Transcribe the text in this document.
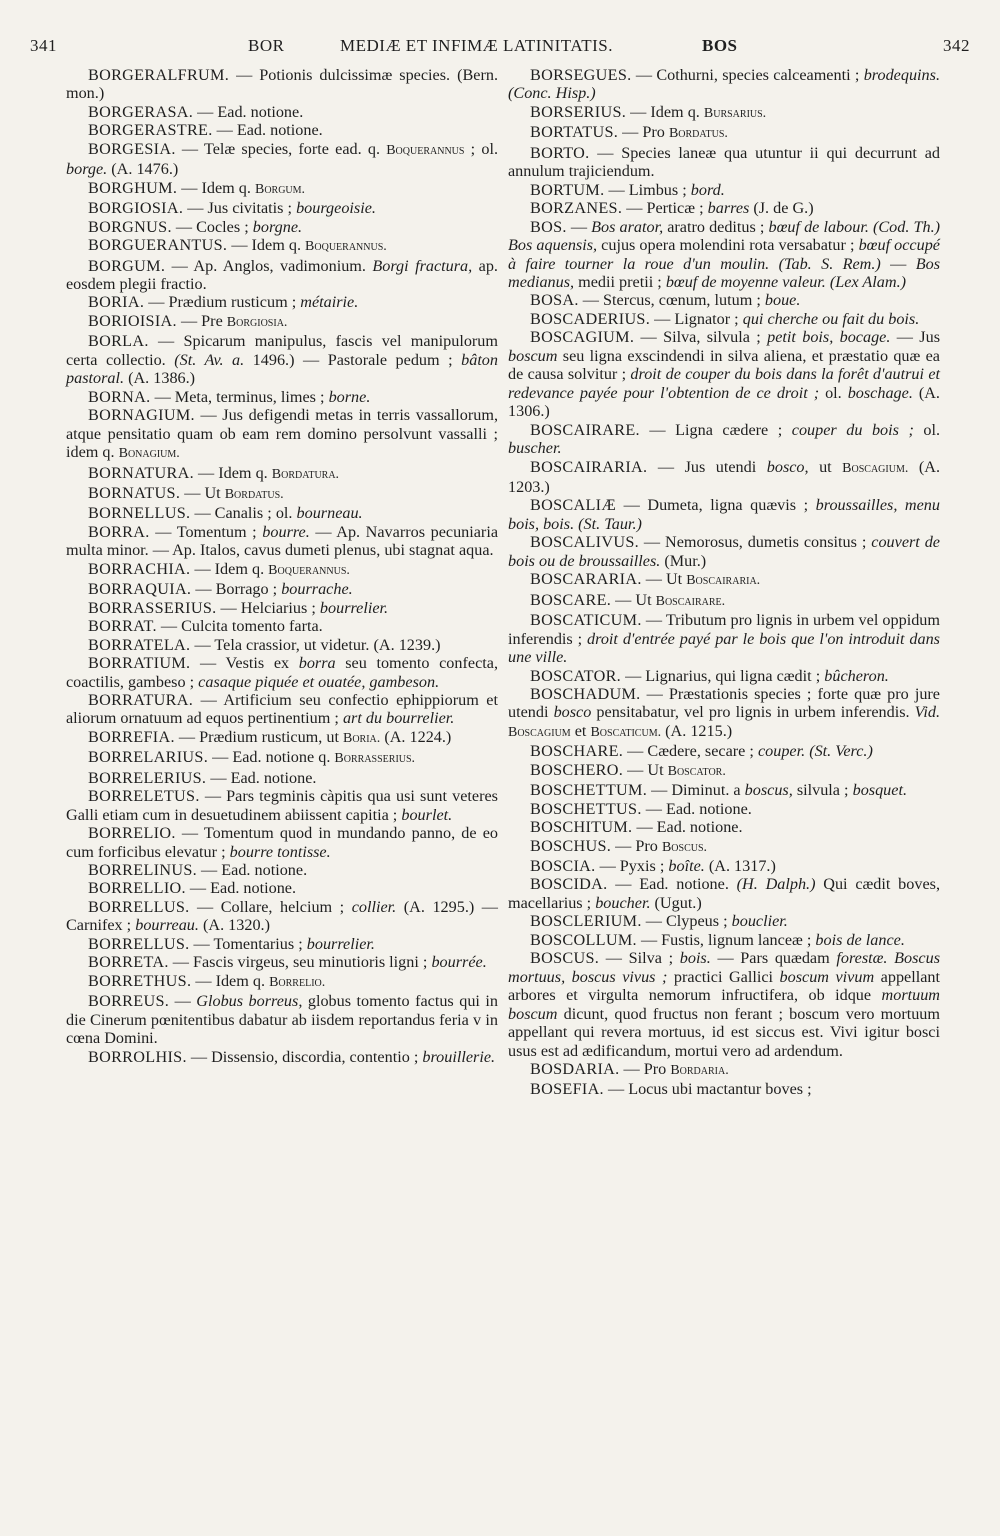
341	BOR	MEDIÆ ET INFIMÆ LATINITATIS.	BOS	342

BORGERALFRUM. — Potionis dulcissimæ species. (Bern. mon.)

BORGERASA. — Ead. notione.

BORGERASTRE. — Ead. notione.

BORGESIA. — Telæ species, forte ead. q. Boquerannus ; ol. borge. (A. 1476.)

BORGHUM. — Idem q. Borgum.

BORGIOSIA. — Jus civitatis ; bourgeoisie.

BORGNUS. — Cocles ; borgne.

BORGUERANTUS. — Idem q. Boquerannus.

BORGUM. — Ap. Anglos, vadimonium. Borgi fractura, ap. eosdem plegii fractio.

BORIA. — Prædium rusticum ; métairie.

BORIOISIA. — Pre Borgiosia.

BORLA. — Spicarum manipulus, fascis vel manipulorum certa collectio. (St. Av. a. 1496.) — Pastorale pedum ; bâton pastoral. (A. 1386.)

BORNA. — Meta, terminus, limes ; borne.

BORNAGIUM. — Jus defigendi metas in terris vassallorum, atque pensitatio quam ob eam rem domino persolvunt vassalli ; idem q. Bonagium.

BORNATURA. — Idem q. Bordatura.

BORNATUS. — Ut Bordatus.

BORNELLUS. — Canalis ; ol. bourneau.

BORRA. — Tomentum ; bourre. — Ap. Navarros pecuniaria multa minor. — Ap. Italos, cavus dumeti plenus, ubi stagnat aqua.

BORRACHIA. — Idem q. Boquerannus.

BORRAQUIA. — Borrago ; bourrache.

BORRASSERIUS. — Helciarius ; bourrelier.

BORRAT. — Culcita tomento farta.

BORRATELA. — Tela crassior, ut videtur. (A. 1239.)

BORRATIUM. — Vestis ex borra seu tomento confecta, coactilis, gambeso ; casaque piquée et ouatée, gambeson.

BORRATURA. — Artificium seu confectio ephippiorum et aliorum ornatuum ad equos pertinentium ; art du bourrelier.

BORREFIA. — Prædium rusticum, ut Boria. (A. 1224.)

BORRELARIUS. — Ead. notione q. Borrasserius.

BORRELERIUS. — Ead. notione.

BORRELETUS. — Pars tegminis càpitis qua usi sunt veteres Galli etiam cum in desuetudinem abiissent capitia ; bourlet.

BORRELIO. — Tomentum quod in mundando panno, de eo cum forficibus elevatur ; bourre tontisse.

BORRELINUS. — Ead. notione.

BORRELLIO. — Ead. notione.

BORRELLUS. — Collare, helcium ; collier. (A. 1295.) — Carnifex ; bourreau. (A. 1320.)

BORRELLUS. — Tomentarius ; bourrelier.

BORRETA. — Fascis virgeus, seu minutioris ligni ; bourrée.

BORRETHUS. — Idem q. Borrelio.

BORREUS. — Globus borreus, globus tomento factus qui in die Cinerum pœnitentibus dabatur ab iisdem reportandus feria v in cœna Domini.

BORROLHIS. — Dissensio, discordia, contentio ; brouillerie.

BORSEGUES. — Cothurni, species calceamenti ; brodequins. (Conc. Hisp.)

BORSERIUS. — Idem q. Bursarius.

BORTATUS. — Pro Bordatus.

BORTO. — Species laneæ qua utuntur ii qui decurrunt ad annulum trajiciendum.

BORTUM. — Limbus ; bord.

BORZANES. — Perticæ ; barres (J. de G.)

BOS. — Bos arator, aratro deditus ; bœuf de labour. (Cod. Th.) Bos aquensis, cujus opera molendini rota versabatur ; bœuf occupé à faire tourner la roue d'un moulin. (Tab. S. Rem.) — Bos medianus, medii pretii ; bœuf de moyenne valeur. (Lex Alam.)

BOSA. — Stercus, cœnum, lutum ; boue.

BOSCADERIUS. — Lignator ; qui cherche ou fait du bois.

BOSCAGIUM. — Silva, silvula ; petit bois, bocage. — Jus boscum seu ligna exscindendi in silva aliena, et præstatio quæ ea de causa solvitur ; droit de couper du bois dans la forêt d'autrui et redevance payée pour l'obtention de ce droit ; ol. boschage. (A. 1306.)

BOSCAIRARE. — Ligna cædere ; couper du bois ; ol. buscher.

BOSCAIRARIA. — Jus utendi bosco, ut Boscagium. (A. 1203.)

BOSCALIÆ — Dumeta, ligna quævis ; broussailles, menu bois, bois. (St. Taur.)

BOSCALIVUS. — Nemorosus, dumetis consitus ; couvert de bois ou de broussailles. (Mur.)

BOSCARARIA. — Ut Boscairaria.

BOSCARE. — Ut Boscairare.

BOSCATICUM. — Tributum pro lignis in urbem vel oppidum inferendis ; droit d'entrée payé par le bois que l'on introduit dans une ville.

BOSCATOR. — Lignarius, qui ligna cædit ; bûcheron.

BOSCHADUM. — Præstationis species ; forte quæ pro jure utendi bosco pensitabatur, vel pro lignis in urbem inferendis. Vid. Boscagium et Boscaticum. (A. 1215.)

BOSCHARE. — Cædere, secare ; couper. (St. Verc.)

BOSCHERO. — Ut Boscator.

BOSCHETTUM. — Diminut. a boscus, silvula ; bosquet.

BOSCHETTUS. — Ead. notione.

BOSCHITUM. — Ead. notione.

BOSCHUS. — Pro Boscus.

BOSCIA. — Pyxis ; boîte. (A. 1317.)

BOSCIDA. — Ead. notione. (H. Dalph.) Qui cædit boves, macellarius ; boucher. (Ugut.)

BOSCLERIUM. — Clypeus ; bouclier.

BOSCOLLUM. — Fustis, lignum lanceæ ; bois de lance.

BOSCUS. — Silva ; bois. — Pars quædam forestæ. Boscus mortuus, boscus vivus ; practici Gallici boscum vivum appellant arbores et virgulta nemorum infructifera, ob idque mortuum boscum dicunt, quod fructus non ferant ; boscum vero mortuum appellant qui revera mortuus, id est siccus est. Vivi igitur bosci usus est ad ædificandum, mortui vero ad ardendum.

BOSDARIA. — Pro Bordaria.

BOSEFIA. — Locus ubi mactantur boves ;
